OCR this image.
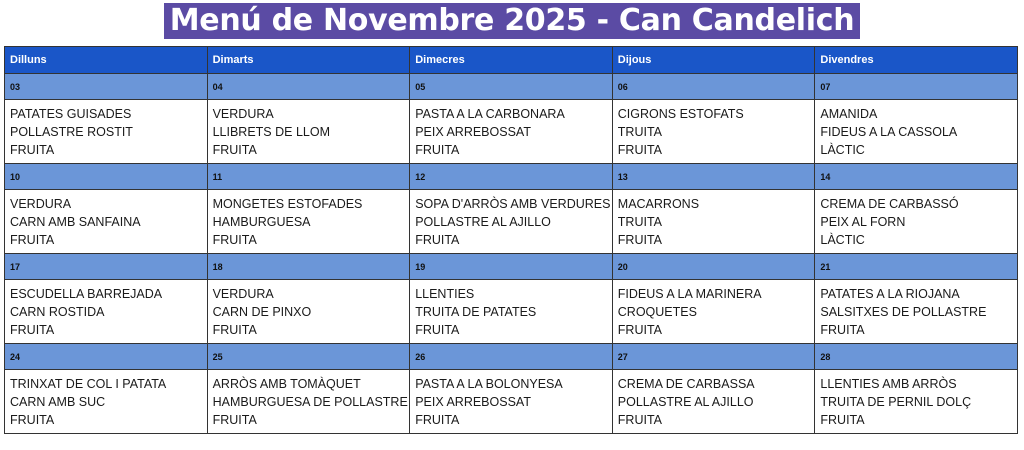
Menú de Novembre 2025 - Can Candelich
Dilluns	Dimarts	Dimecres	Dijous	Divendres
03	04	05	06	07

PATATES GUISADES
POLLASTRE ROSTIT
FRUITA	VERDURA
LLIBRETS DE LLOM
FRUITA	PASTA A LA CARBONARA
PEIX ARREBOSSAT
FRUITA	CIGRONS ESTOFATS
TRUITA
FRUITA	AMANIDA
FIDEUS A LA CASSOLA
LÀCTIC

10	11	12	13	14

VERDURA
CARN AMB SANFAINA
FRUITA	MONGETES ESTOFADES
HAMBURGUESA
FRUITA	SOPA D'ARRÒS AMB VERDURES
POLLASTRE AL AJILLO
FRUITA	MACARRONS
TRUITA
FRUITA	CREMA DE CARBASSÓ
PEIX AL FORN
LÀCTIC

17	18	19	20	21

ESCUDELLA BARREJADA
CARN ROSTIDA
FRUITA	VERDURA
CARN DE PINXO
FRUITA	LLENTIES
TRUITA DE PATATES
FRUITA	FIDEUS A LA MARINERA
CROQUETES
FRUITA	PATATES A LA RIOJANA
SALSITXES DE POLLASTRE
FRUITA

24	25	26	27	28

TRINXAT DE COL I PATATA
CARN AMB SUC
FRUITA	ARRÒS AMB TOMÀQUET
HAMBURGUESA DE POLLASTRE
FRUITA	PASTA A LA BOLONYESA
PEIX ARREBOSSAT
FRUITA	CREMA DE CARBASSA
POLLASTRE AL AJILLO
FRUITA	LLENTIES AMB ARRÒS
TRUITA DE PERNIL DOLÇ
FRUITA
